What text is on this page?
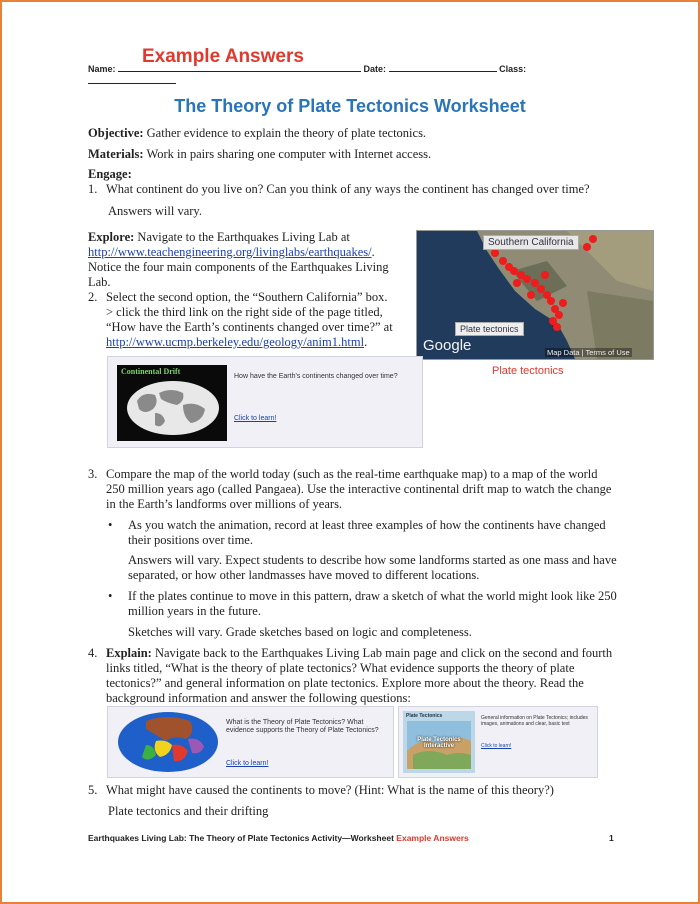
Example Answers
Name:	Date:	Class:
The Theory of Plate Tectonics Worksheet
Objective: Gather evidence to explain the theory of plate tectonics.
Materials: Work in pairs sharing one computer with Internet access.
Engage:
1. What continent do you live on? Can you think of any ways the continent has changed over time?
Answers will vary.
Explore: Navigate to the Earthquakes Living Lab at
http://www.teachengineering.org/livinglabs/earthquakes/.
Notice the four main components of the Earthquakes Living Lab.
2. Select the second option, the “Southern California” box. > click the third link on the right side of the page titled, “How have the Earth’s continents changed over time?” at http://www.ucmp.berkeley.edu/geology/anim1.html.
Southern California
Plate tectonics
Google	Map Data | Terms of Use
Plate tectonics
Continental Drift
How have the Earth's continents changed over time?
Click to learn!
3. Compare the map of the world today (such as the real-time earthquake map) to a map of the world 250 million years ago (called Pangaea). Use the interactive continental drift map to watch the change in the Earth’s landforms over millions of years.
•	As you watch the animation, record at least three examples of how the continents have changed their positions over time.
Answers will vary. Expect students to describe how some landforms started as one mass and have separated, or how other landmasses have moved to different locations.
•	If the plates continue to move in this pattern, draw a sketch of what the world might look like 250 million years in the future.
Sketches will vary. Grade sketches based on logic and completeness.
4. Explain: Navigate back to the Earthquakes Living Lab main page and click on the second and fourth links titled, “What is the theory of plate tectonics? What evidence supports the theory of plate tectonics?” and general information on plate tectonics. Explore more about the theory. Read the background information and answer the following questions:
What is the Theory of Plate Tectonics? What evidence supports the Theory of Plate Tectonics?
Click to learn!
Plate Tectonics
Plate Tectonics Interactive
General information on Plate Tectonics; includes images, animations and clear, basic text
Click to learn!
5. What might have caused the continents to move? (Hint: What is the name of this theory?)
Plate tectonics and their drifting
Earthquakes Living Lab: The Theory of Plate Tectonics Activity—Worksheet Example Answers	1
